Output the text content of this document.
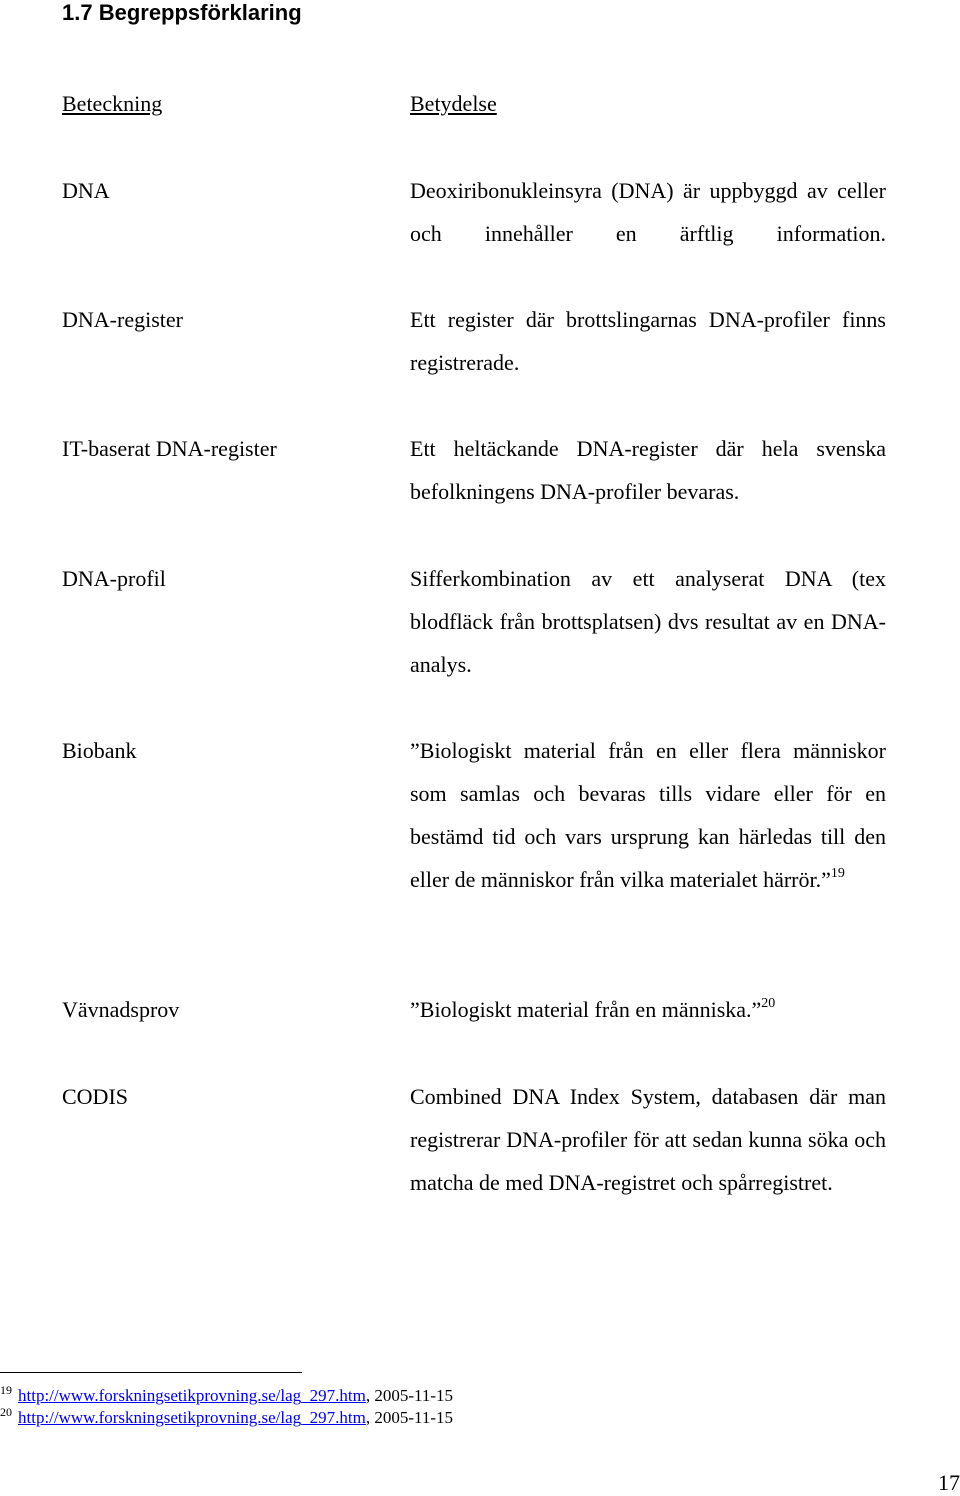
1.7 Begreppsförklaring
Beteckning	Betydelse
DNA	Deoxiribonukleinsyra (DNA) är uppbyggd av celler och innehåller en ärftlig information.
DNA-register	Ett register där brottslingarnas DNA-profiler finns registrerade.
IT-baserat DNA-register	Ett heltäckande DNA-register där hela svenska befolkningens DNA-profiler bevaras.
DNA-profil	Sifferkombination av ett analyserat DNA (tex blodfläck från brottsplatsen) dvs resultat av en DNA-analys.
Biobank	”Biologiskt material från en eller flera människor som samlas och bevaras tills vidare eller för en bestämd tid och vars ursprung kan härledas till den eller de människor från vilka materialet härrör.”$^{19}$
Vävnadsprov	”Biologiskt material från en människa.”$^{20}$
CODIS	Combined DNA Index System, databasen där man registrerar DNA-profiler för att sedan kunna söka och matcha de med DNA-registret och spårregistret.
$^{19}$ http://www.forskningsetikprovning.se/lag_297.htm, 2005-11-15
$^{20}$ http://www.forskningsetikprovning.se/lag_297.htm, 2005-11-15
17
